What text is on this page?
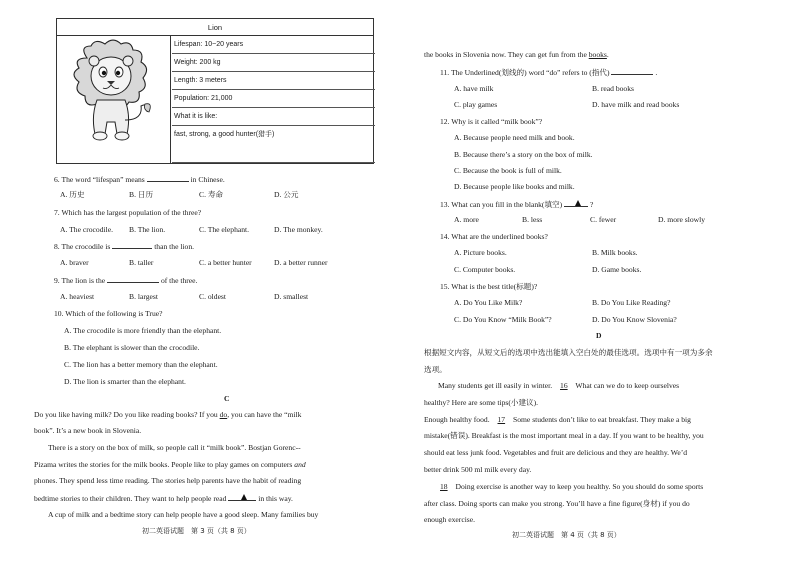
Lion
Lifespan: 10~20 years
Weight: 200 kg
Length: 3 meters
Population: 21,000
What it is like:
fast, strong, a good hunter(猎手)
6. The word “lifespan” means	in Chinese.
A. 历史	B. 日历	C. 寿命	D. 公元
7. Which has the largest population of the three?
A. The crocodile. B. The lion.	C. The elephant.	D. The monkey.
8. The crocodile is	than the lion.
A. braver	B. taller	C. a better hunter	D. a better runner
9. The lion is the	of the three.
A. heaviest	B. largest	C. oldest	D. smallest
10. Which of the following is True?
A. The crocodile is more friendly than the elephant.
B. The elephant is slower than the crocodile.
C. The lion has a better memory than the elephant.
D. The lion is smarter than the elephant.
C
Do you like having milk? Do you like reading books? If you do, you can have the “milk
book”. It’s a new book in Slovenia.
There is a story on the box of milk, so people call it “milk book”. Bostjan Gorenc--
Pizama writes the stories for the milk books. People like to play games on computers and
phones. They spend less time reading. The stories help parents have the habit of reading
bedtime stories to their children. They want to help people read	in this way.
A cup of milk and a bedtime story can help people have a good sleep. Many families buy
初二英语试题　第 3 页（共 8 页）
the books in Slovenia now. They can get fun from the books.
11. The Underlined(划线的) word “do” refers to (指代)	.
A. have milk	B. read books
C. play games	D. have milk and read books
12. Why is it called “milk book”?
A. Because people need milk and book.
B. Because there’s a story on the box of milk.
C. Because the book is full of milk.
D. Because people like books and milk.
13. What can you fill in the blank(填空)	?
A. more	B. less	C. fewer	D. more slowly
14. What are the underlined books?
A. Picture books.	B. Milk books.
C. Computer books.	D. Game books.
15. What is the best title(标题)?
A. Do You Like Milk?	B. Do You Like Reading?
C. Do You Know “Milk Book”?	D. Do You Know Slovenia?
D
根据短文内容，从短文后的选项中选出能填入空白处的最佳选项。选项中有一项为多余
选项。
Many students get ill easily in winter. 16 What can we do to keep ourselves
healthy? Here are some tips(小建议).
Enough healthy food. 17 Some students don’t like to eat breakfast. They make a big
mistake(错误). Breakfast is the most important meal in a day. If you want to be healthy, you
should eat less junk food. Vegetables and fruit are delicious and they are healthy. We’d
better drink 500 ml milk every day.
18 Doing exercise is another way to keep you healthy. So you should do some sports
after class. Doing sports can make you strong. You’ll have a fine figure(身材) if you do
enough exercise.
初二英语试题　第 4 页（共 8 页）
